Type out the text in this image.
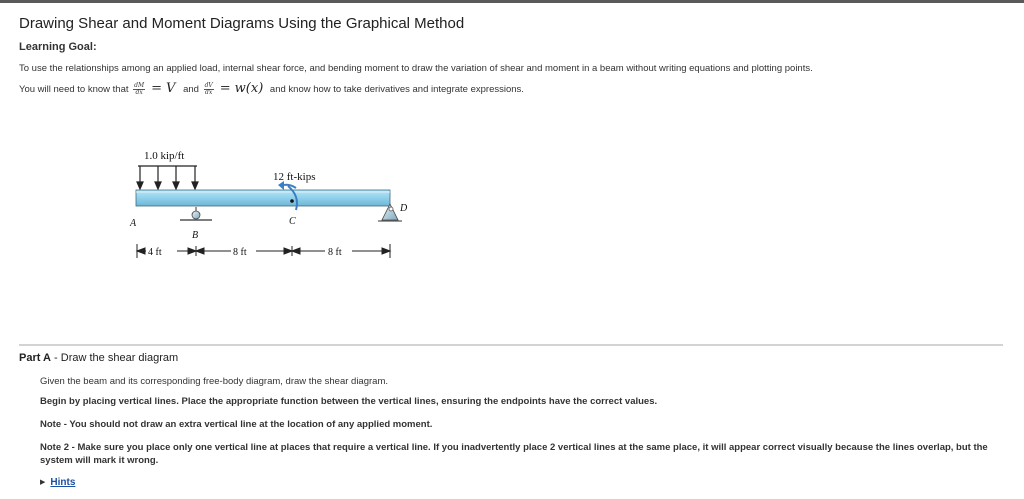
Drawing Shear and Moment Diagrams Using the Graphical Method
Learning Goal:
To use the relationships among an applied load, internal shear force, and bending moment to draw the variation of shear and moment in a beam without writing equations and plotting points.
You will need to know that $\frac{dM}{dx} = V$ and $\frac{dV}{dx} = w(x)$ and know how to take derivatives and integrate expressions.
1.0 kip/ft
A
B
12 ft-kips
C
D
4 ft	8 ft	8 ft
Part A - Draw the shear diagram
Given the beam and its corresponding free-body diagram, draw the shear diagram.
Begin by placing vertical lines. Place the appropriate function between the vertical lines, ensuring the endpoints have the correct values.
Note - You should not draw an extra vertical line at the location of any applied moment.
Note 2 - Make sure you place only one vertical line at places that require a vertical line. If you inadvertently place 2 vertical lines at the same place, it will appear correct visually because the lines overlap, but the system will mark it wrong.
▶ Hints
